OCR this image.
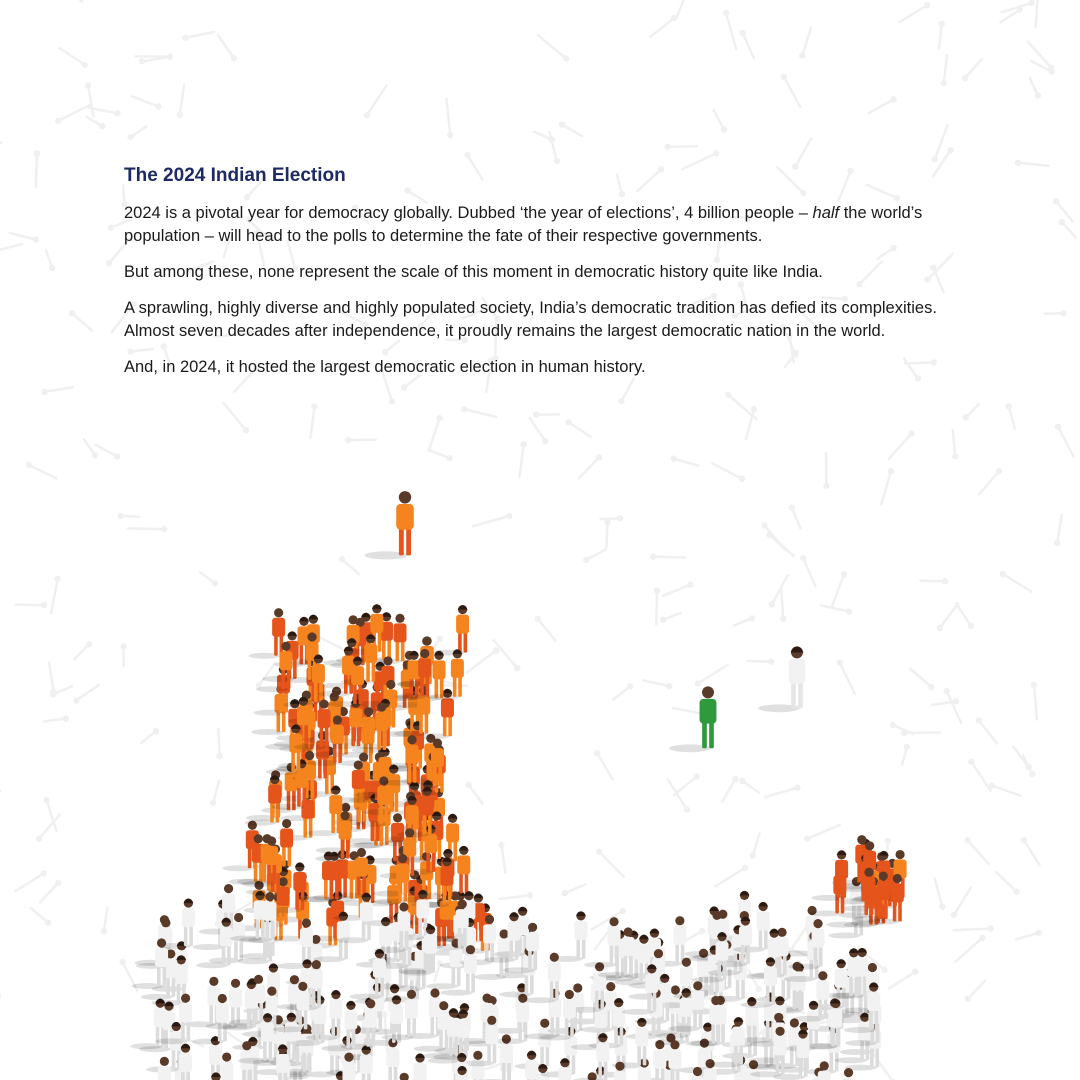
The 2024 Indian Election

2024 is a pivotal year for democracy globally. Dubbed ‘the year of elections’, 4 billion people – half the world’s population – will head to the polls to determine the fate of their respective governments.

But among these, none represent the scale of this moment in democratic history quite like India.

A sprawling, highly diverse and highly populated society, India’s democratic tradition has defied its complexities. Almost seven decades after independence, it proudly remains the largest democratic nation in the world.

And, in 2024, it hosted the largest democratic election in human history.
